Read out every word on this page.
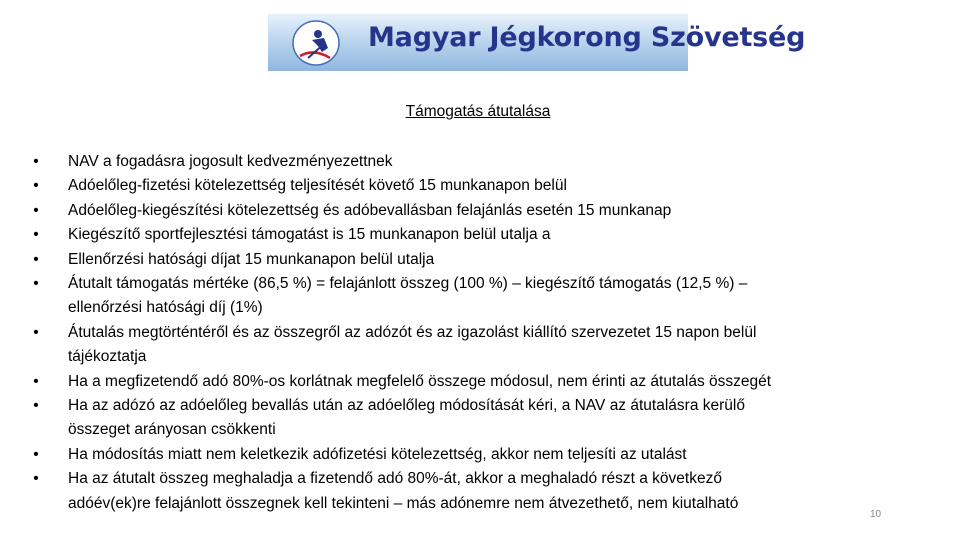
Magyar Jégkorong Szövetség
Támogatás átutalása
• NAV a fogadásra jogosult kedvezményezettnek
• Adóelőleg-fizetési kötelezettség teljesítését követő 15 munkanapon belül
• Adóelőleg-kiegészítési kötelezettség és adóbevallásban felajánlás esetén 15 munkanap
• Kiegészítő sportfejlesztési támogatást is 15 munkanapon belül utalja a
• Ellenőrzési hatósági díjat 15 munkanapon belül utalja
• Átutalt támogatás mértéke (86,5 %) = felajánlott összeg (100 %) – kiegészítő támogatás (12,5 %) –
ellenőrzési hatósági díj (1%)
• Átutalás megtörténtéről és az összegről az adózót és az igazolást kiállító szervezetet 15 napon belül
tájékoztatja
• Ha a megfizetendő adó 80%-os korlátnak megfelelő összege módosul, nem érinti az átutalás összegét
• Ha az adózó az adóelőleg bevallás után az adóelőleg módosítását kéri, a NAV az átutalásra kerülő
összeget arányosan csökkenti
• Ha módosítás miatt nem keletkezik adófizetési kötelezettség, akkor nem teljesíti az utalást
• Ha az átutalt összeg meghaladja a fizetendő adó 80%-át, akkor a meghaladó részt a következő
adóév(ek)re felajánlott összegnek kell tekinteni – más adónemre nem átvezethető, nem kiutalható
10
